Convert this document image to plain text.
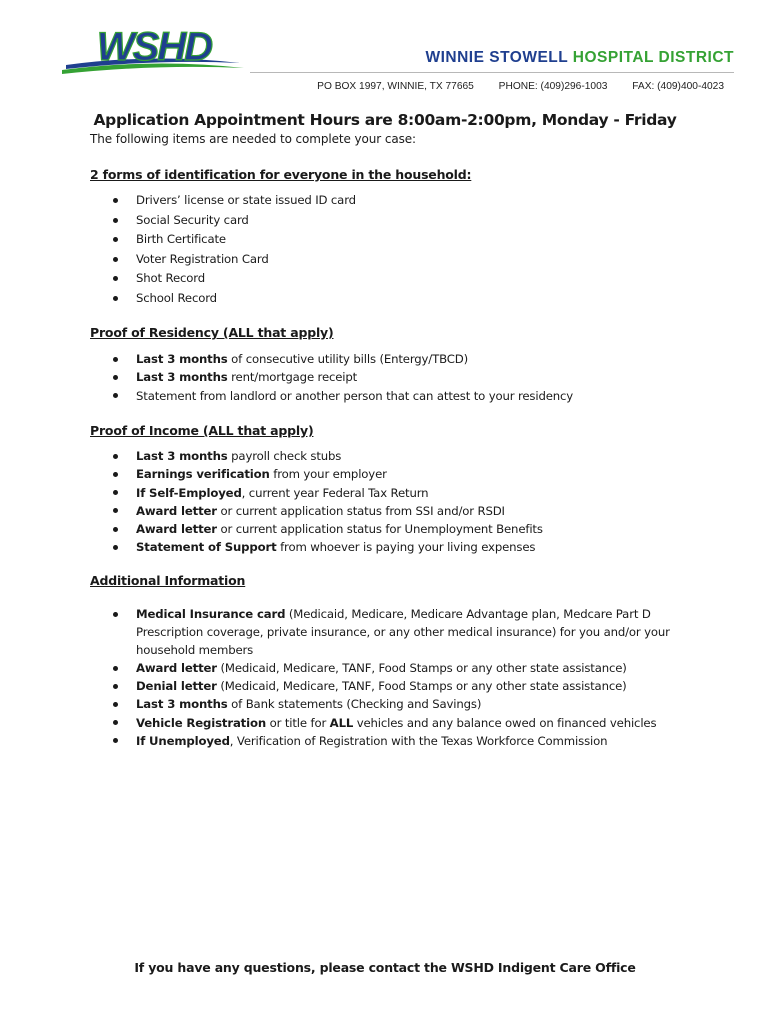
WSHD	WINNIE STOWELL HOSPITAL DISTRICT
PO BOX 1997, WINNIE, TX 77665 PHONE: (409)296-1003 FAX: (409)400-4023
Application Appointment Hours are 8:00am-2:00pm, Monday - Friday
The following items are needed to complete your case:
2 forms of identification for everyone in the household:
Drivers’ license or state issued ID card
Social Security card
Birth Certificate
Voter Registration Card
Shot Record
School Record
Proof of Residency (ALL that apply)
Last 3 months of consecutive utility bills (Entergy/TBCD)
Last 3 months rent/mortgage receipt
Statement from landlord or another person that can attest to your residency
Proof of Income (ALL that apply)
Last 3 months payroll check stubs
Earnings verification from your employer
If Self-Employed, current year Federal Tax Return
Award letter or current application status from SSI and/or RSDI
Award letter or current application status for Unemployment Benefits
Statement of Support from whoever is paying your living expenses
Additional Information
Medical Insurance card (Medicaid, Medicare, Medicare Advantage plan, Medcare Part D Prescription coverage, private insurance, or any other medical insurance) for you and/or your household members
Award letter (Medicaid, Medicare, TANF, Food Stamps or any other state assistance)
Denial letter (Medicaid, Medicare, TANF, Food Stamps or any other state assistance)
Last 3 months of Bank statements (Checking and Savings)
Vehicle Registration or title for ALL vehicles and any balance owed on financed vehicles
If Unemployed, Verification of Registration with the Texas Workforce Commission
If you have any questions, please contact the WSHD Indigent Care Office
